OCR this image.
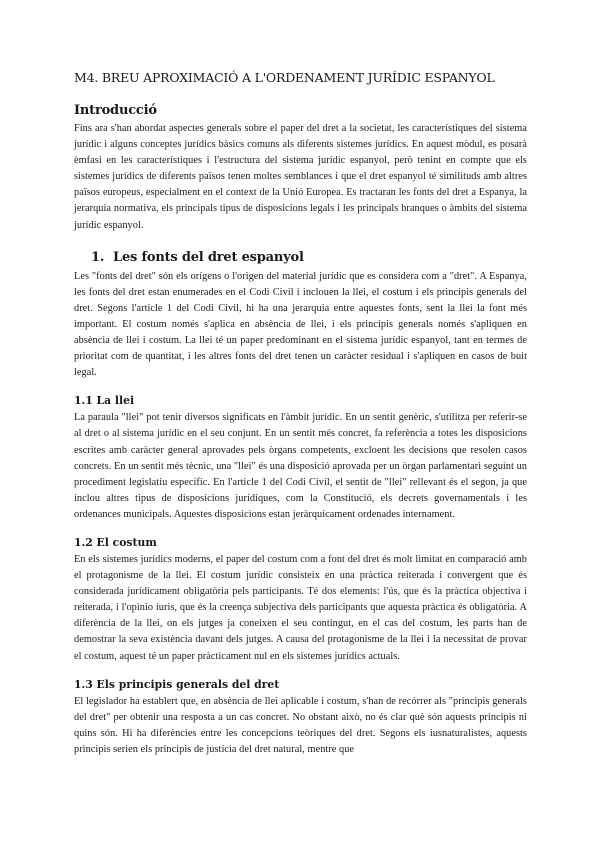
M4. BREU APROXIMACIÓ A L'ORDENAMENT JURÍDIC ESPANYOL
Introducció

Fins ara s'han abordat aspectes generals sobre el paper del dret a la societat, les característiques del sistema jurídic i alguns conceptes jurídics bàsics comuns als diferents sistemes jurídics. En aquest mòdul, es posarà èmfasi en les característiques i l'estructura del sistema jurídic espanyol, però tenint en compte que els sistemes jurídics de diferents països tenen moltes semblances i que el dret espanyol té similituds amb altres països europeus, especialment en el context de la Unió Europea. Es tractaran les fonts del dret a Espanya, la jerarquia normativa, els principals tipus de disposicions legals i les principals branques o àmbits del sistema jurídic espanyol.

1. Les fonts del dret espanyol

Les "fonts del dret" són els orígens o l'origen del material jurídic que es considera com a "dret". A Espanya, les fonts del dret estan enumerades en el Codi Civil i inclouen la llei, el costum i els principis generals del dret. Segons l'article 1 del Codi Civil, hi ha una jerarquia entre aquestes fonts, sent la llei la font més important. El costum només s'aplica en absència de llei, i els principis generals només s'apliquen en absència de llei i costum. La llei té un paper predominant en el sistema jurídic espanyol, tant en termes de prioritat com de quantitat, i les altres fonts del dret tenen un caràcter residual i s'apliquen en casos de buit legal.

1.1 La llei

La paraula "llei" pot tenir diversos significats en l'àmbit jurídic. En un sentit genèric, s'utilitza per referir-se al dret o al sistema jurídic en el seu conjunt. En un sentit més concret, fa referència a totes les disposicions escrites amb caràcter general aprovades pels òrgans competents, excloent les decisions que resolen casos concrets. En un sentit més tècnic, una "llei" és una disposició aprovada per un òrgan parlamentari seguint un procediment legislatiu específic. En l'article 1 del Codi Civil, el sentit de "llei" rellevant és el segon, ja que inclou altres tipus de disposicions jurídiques, com la Constitució, els decrets governamentals i les ordenances municipals. Aquestes disposicions estan jeràrquicament ordenades internament.

1.2 El costum

En els sistemes jurídics moderns, el paper del costum com a font del dret és molt limitat en comparació amb el protagonisme de la llei. El costum jurídic consisteix en una pràctica reiterada i convergent que és considerada jurídicament obligatòria pels participants. Té dos elements: l'ús, que és la pràctica objectiva i reiterada, i l'opinio iuris, que és la creença subjectiva dels participants que aquesta pràctica és obligatòria. A diferència de la llei, on els jutges ja coneixen el seu contingut, en el cas del costum, les parts han de demostrar la seva existència davant dels jutges. A causa del protagonisme de la llei i la necessitat de provar el costum, aquest té un paper pràcticament nul en els sistemes jurídics actuals.

1.3 Els principis generals del dret

El legislador ha establert que, en absència de llei aplicable i costum, s'han de recórrer als "principis generals del dret" per obtenir una resposta a un cas concret. No obstant això, no és clar què són aquests principis ni quins són. Hi ha diferències entre les concepcions teòriques del dret. Segons els iusnaturalistes, aquests principis serien els principis de justícia del dret natural, mentre que
